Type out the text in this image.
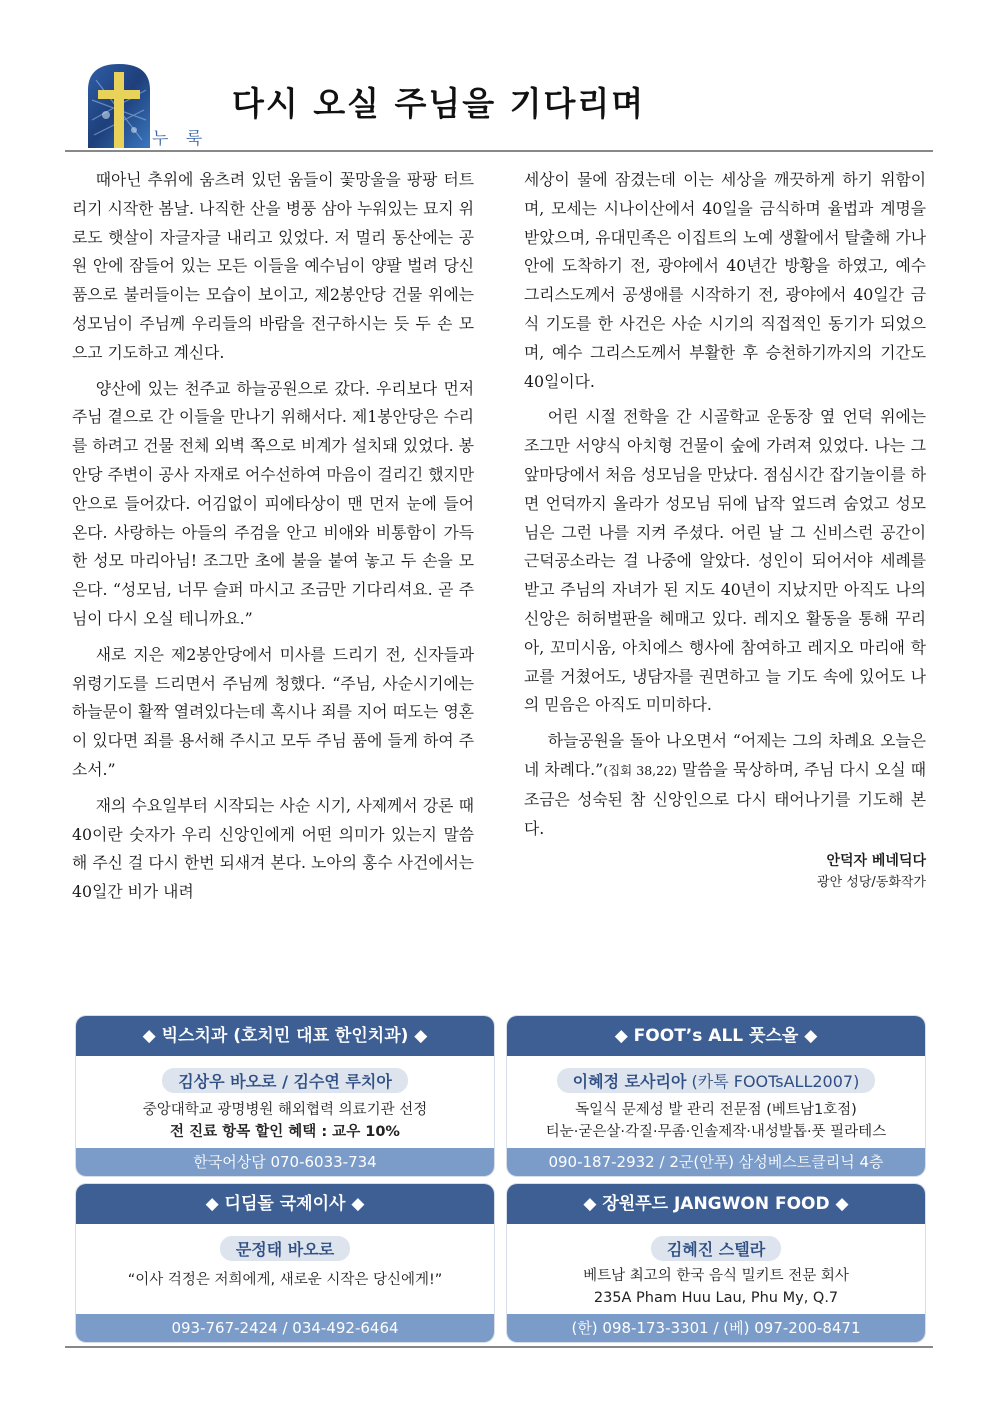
누 룩
다시 오실 주님을 기다리며

때아닌 추위에 움츠려 있던 움들이 꽃망울을 팡팡 터트리기 시작한 봄날. 나직한 산을 병풍 삼아 누워있는 묘지 위로도 햇살이 자글자글 내리고 있었다. 저 멀리 동산에는 공원 안에 잠들어 있는 모든 이들을 예수님이 양팔 벌려 당신 품으로 불러들이는 모습이 보이고, 제2봉안당 건물 위에는 성모님이 주님께 우리들의 바람을 전구하시는 듯 두 손 모으고 기도하고 계신다.

양산에 있는 천주교 하늘공원으로 갔다. 우리보다 먼저 주님 곁으로 간 이들을 만나기 위해서다. 제1봉안당은 수리를 하려고 건물 전체 외벽 쪽으로 비계가 설치돼 있었다. 봉안당 주변이 공사 자재로 어수선하여 마음이 걸리긴 했지만 안으로 들어갔다. 어김없이 피에타상이 맨 먼저 눈에 들어온다. 사랑하는 아들의 주검을 안고 비애와 비통함이 가득한 성모 마리아님! 조그만 초에 불을 붙여 놓고 두 손을 모은다. “성모님, 너무 슬퍼 마시고 조금만 기다리셔요. 곧 주님이 다시 오실 테니까요.”

새로 지은 제2봉안당에서 미사를 드리기 전, 신자들과 위령기도를 드리면서 주님께 청했다. “주님, 사순시기에는 하늘문이 활짝 열려있다는데 혹시나 죄를 지어 떠도는 영혼이 있다면 죄를 용서해 주시고 모두 주님 품에 들게 하여 주소서.”

재의 수요일부터 시작되는 사순 시기, 사제께서 강론 때 40이란 숫자가 우리 신앙인에게 어떤 의미가 있는지 말씀해 주신 걸 다시 한번 되새겨 본다. 노아의 홍수 사건에서는 40일간 비가 내려

세상이 물에 잠겼는데 이는 세상을 깨끗하게 하기 위함이며, 모세는 시나이산에서 40일을 금식하며 율법과 계명을 받았으며, 유대민족은 이집트의 노예 생활에서 탈출해 가나안에 도착하기 전, 광야에서 40년간 방황을 하였고, 예수 그리스도께서 공생애를 시작하기 전, 광야에서 40일간 금식 기도를 한 사건은 사순 시기의 직접적인 동기가 되었으며, 예수 그리스도께서 부활한 후 승천하기까지의 기간도 40일이다.

어린 시절 전학을 간 시골학교 운동장 옆 언덕 위에는 조그만 서양식 아치형 건물이 숲에 가려져 있었다. 나는 그 앞마당에서 처음 성모님을 만났다. 점심시간 잡기놀이를 하면 언덕까지 올라가 성모님 뒤에 납작 엎드려 숨었고 성모님은 그런 나를 지켜 주셨다. 어린 날 그 신비스런 공간이 근덕공소라는 걸 나중에 알았다. 성인이 되어서야 세례를 받고 주님의 자녀가 된 지도 40년이 지났지만 아직도 나의 신앙은 허허벌판을 헤매고 있다. 레지오 활동을 통해 꾸리아, 꼬미시움, 아치에스 행사에 참여하고 레지오 마리애 학교를 거쳤어도, 냉담자를 권면하고 늘 기도 속에 있어도 나의 믿음은 아직도 미미하다.

하늘공원을 돌아 나오면서 “어제는 그의 차례요 오늘은 네 차례다.”(집회 38,22) 말씀을 묵상하며, 주님 다시 오실 때 조금은 성숙된 참 신앙인으로 다시 태어나기를 기도해 본다.

안덕자 베네딕다
광안 성당/동화작가
◆ 빅스치과 (호치민 대표 한인치과) ◆
김상우 바오로 / 김수연 루치아
중앙대학교 광명병원 해외협력 의료기관 선정
전 진료 항목 할인 혜택 : 교우 10%
한국어상담 070-6033-734
◆ FOOT’s ALL 풋스올 ◆
이혜정 로사리아 (카톡 FOOTsALL2007)
독일식 문제성 발 관리 전문점 (베트남1호점)
티눈·굳은살·각질·무좀·인솔제작·내성발톱·풋 필라테스
090-187-2932 / 2군(안푸) 삼성베스트클리닉 4층
◆ 디딤돌 국제이사 ◆
문정태 바오로
“이사 걱정은 저희에게, 새로운 시작은 당신에게!”
093-767-2424 / 034-492-6464
◆ 장원푸드 JANGWON FOOD ◆
김혜진 스텔라
베트남 최고의 한국 음식 밀키트 전문 회사
235A Pham Huu Lau, Phu My, Q.7
(한) 098-173-3301 / (베) 097-200-8471
